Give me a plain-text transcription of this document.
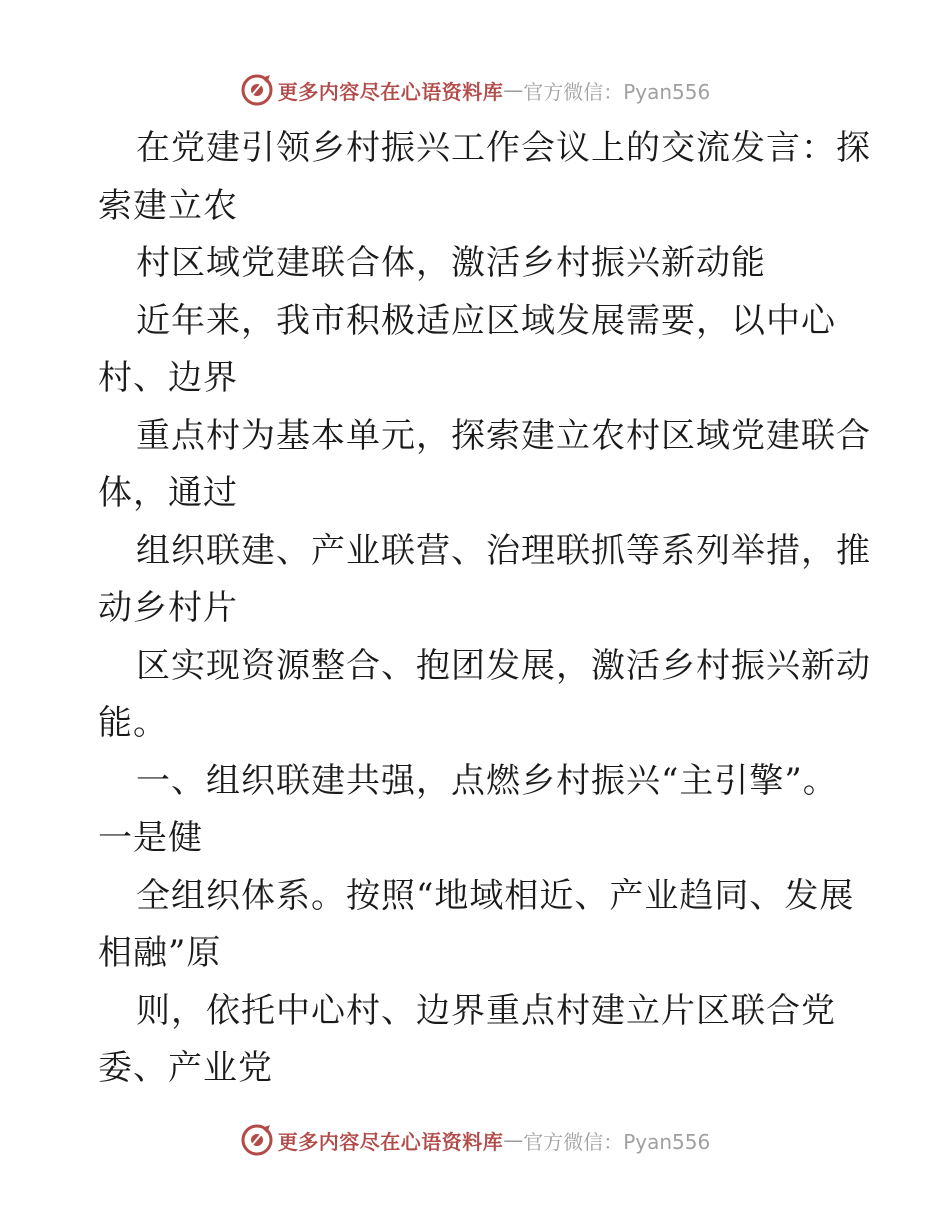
更多内容尽在心语资料库 — 官方微信：Pyan556
在党建引领乡村振兴工作会议上的交流发言：探
索建立农
村区域党建联合体，激活乡村振兴新动能
近年来，我市积极适应区域发展需要，以中心
村、边界
重点村为基本单元，探索建立农村区域党建联合
体，通过
组织联建、产业联营、治理联抓等系列举措，推
动乡村片
区实现资源整合、抱团发展，激活乡村振兴新动
能。
一、组织联建共强，点燃乡村振兴“主引擎”。
一是健
全组织体系。按照“地域相近、产业趋同、发展
相融”原
则，依托中心村、边界重点村建立片区联合党
委、产业党
更多内容尽在心语资料库 — 官方微信：Pyan556
